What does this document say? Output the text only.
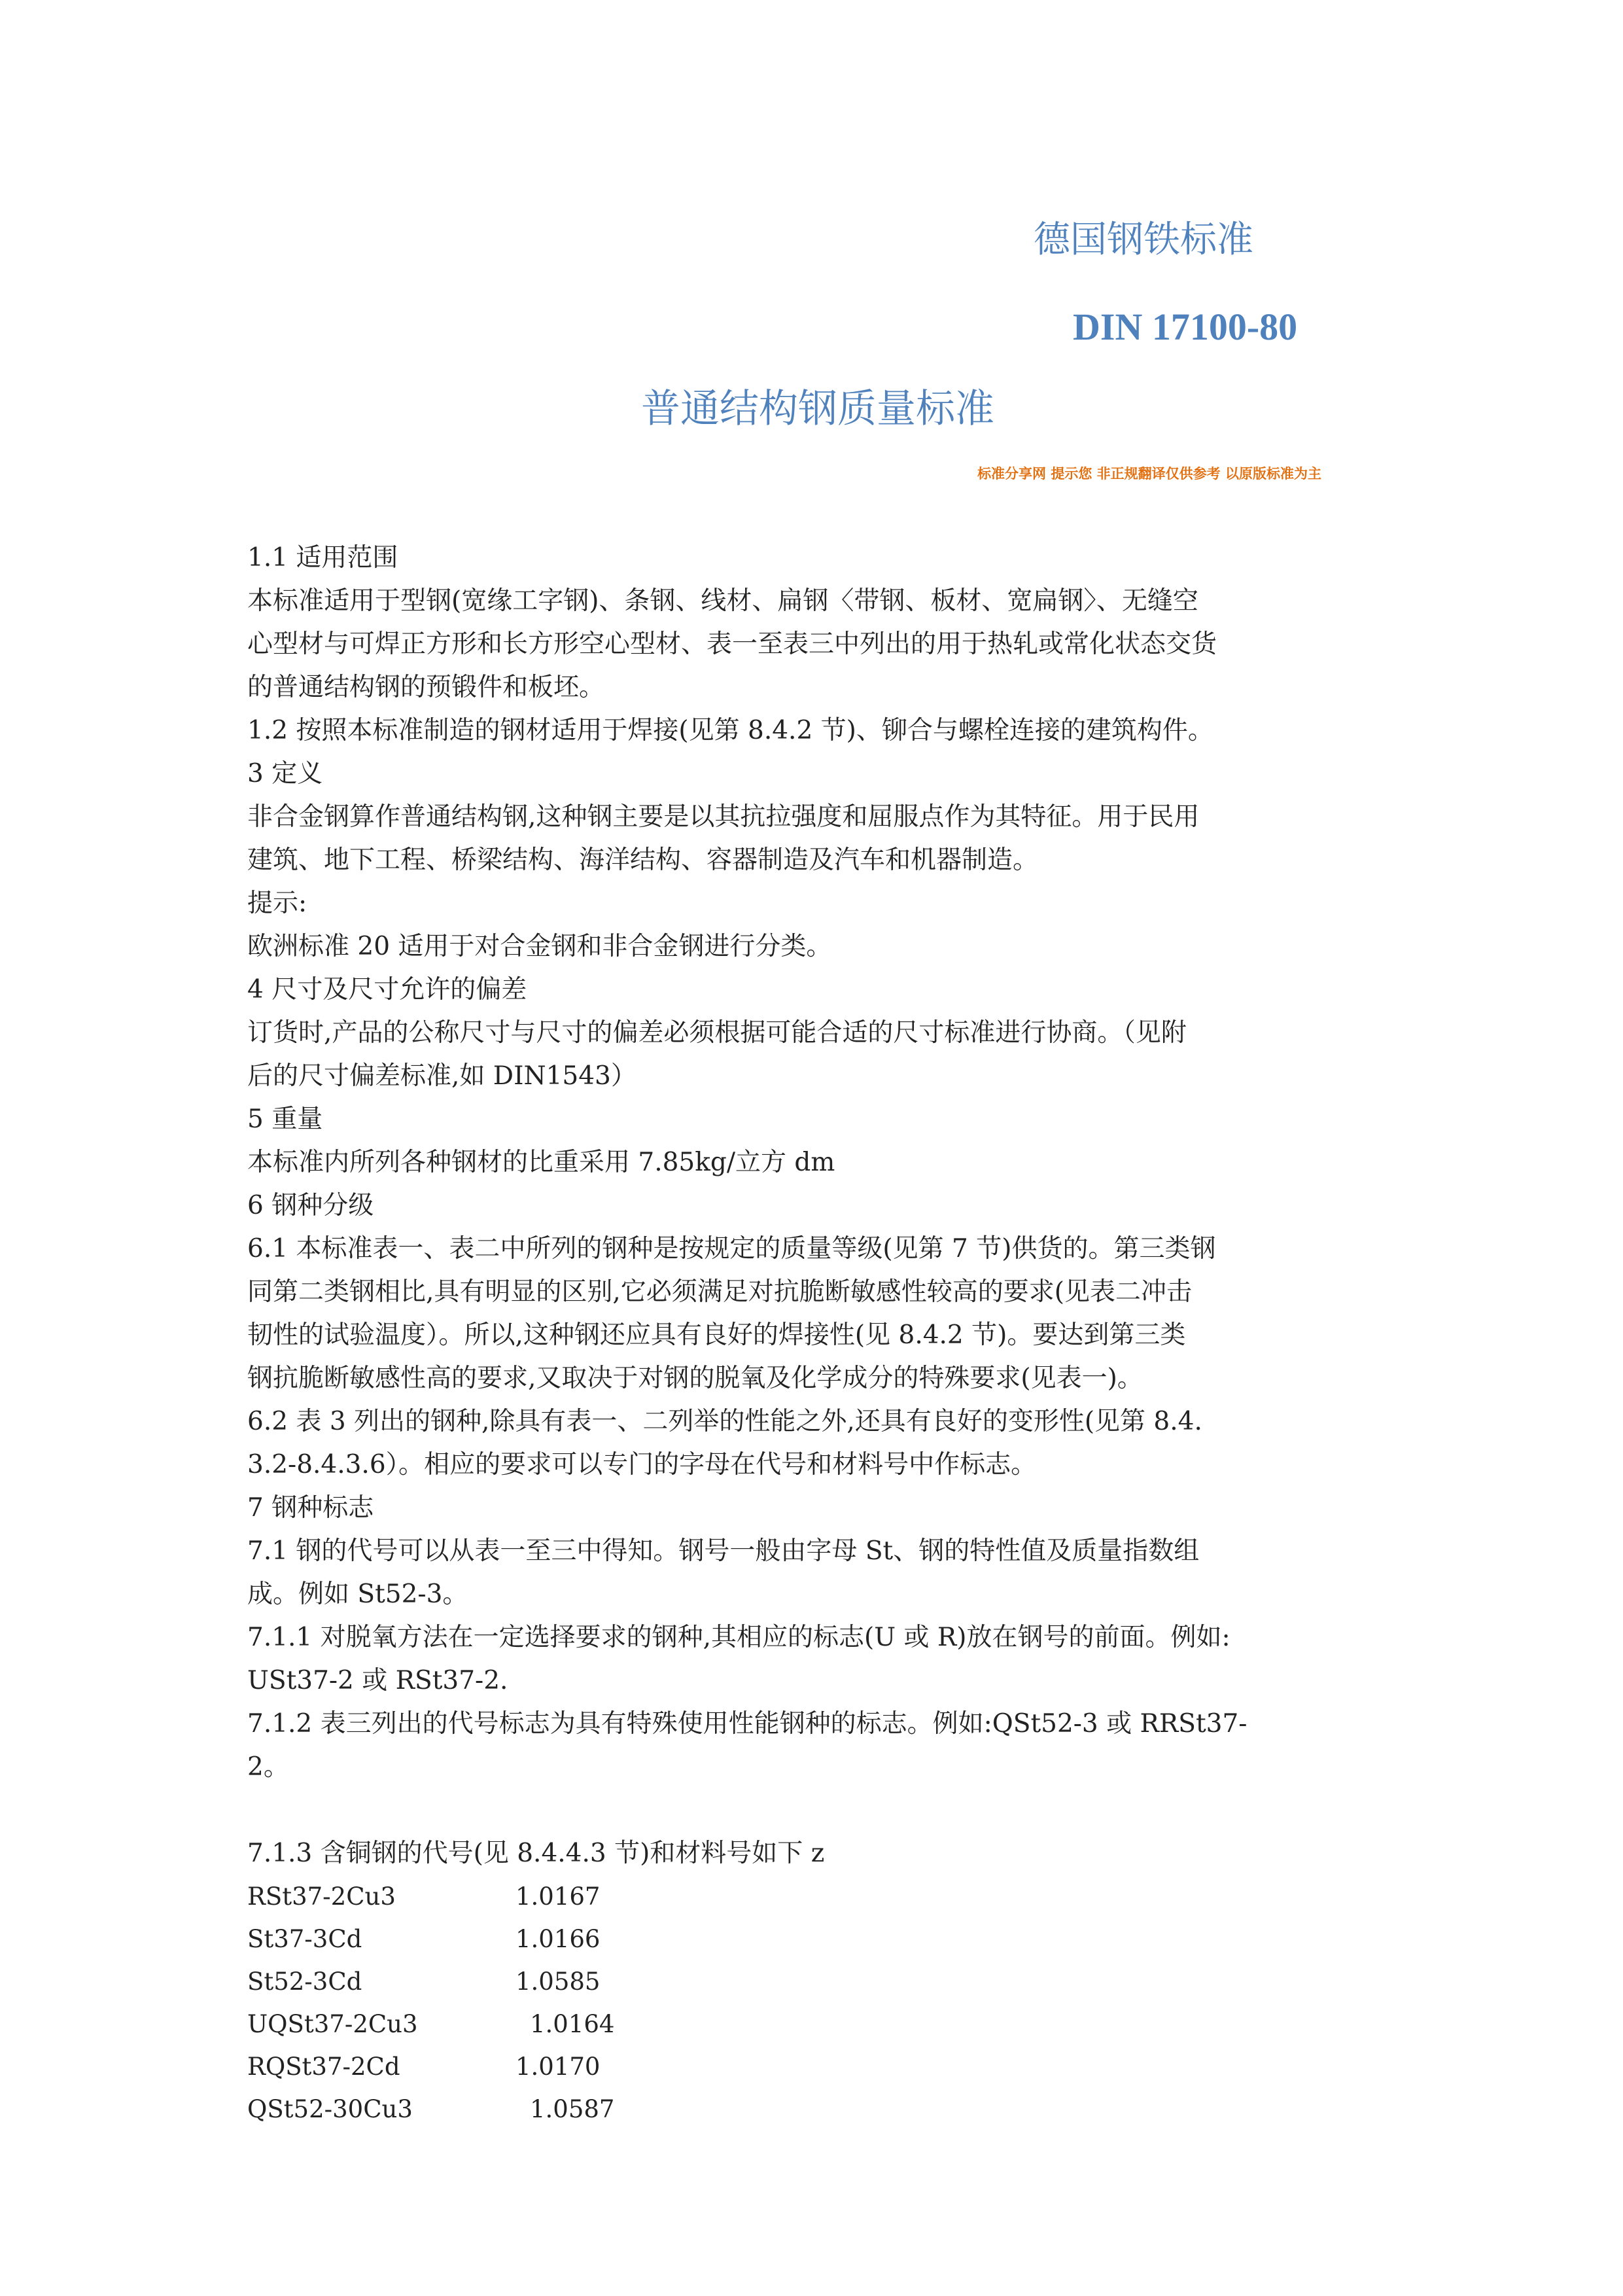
德国钢铁标准
DIN 17100-80
普通结构钢质量标准
标准分享网 提示您 非正规翻译仅供参考 以原版标准为主
1.1 适用范围
本标准适用于型钢(宽缘工字钢)、条钢、线材、扁钢〈带钢、板材、宽扁钢〉、无缝空
心型材与可焊正方形和长方形空心型材、表一至表三中列出的用于热轧或常化状态交货
的普通结构钢的预锻件和板坯。
1.2 按照本标准制造的钢材适用于焊接(见第 8.4.2 节)、铆合与螺栓连接的建筑构件。
3 定义
非合金钢算作普通结构钢,这种钢主要是以其抗拉强度和屈服点作为其特征。用于民用
建筑、地下工程、桥梁结构、海洋结构、容器制造及汽车和机器制造。
提示:
欧洲标准 20 适用于对合金钢和非合金钢进行分类。
4 尺寸及尺寸允许的偏差
订货时,产品的公称尺寸与尺寸的偏差必须根据可能合适的尺寸标准进行协商。（见附
后的尺寸偏差标准,如 DIN1543）
5 重量
本标准内所列各种钢材的比重采用 7.85kg/立方 dm
6 钢种分级
6.1 本标准表一、表二中所列的钢种是按规定的质量等级(见第 7 节)供货的。第三类钢
同第二类钢相比,具有明显的区别,它必须满足对抗脆断敏感性较高的要求(见表二冲击
韧性的试验温度）。所以,这种钢还应具有良好的焊接性(见 8.4.2 节)。要达到第三类
钢抗脆断敏感性高的要求,又取决于对钢的脱氧及化学成分的特殊要求(见表一)。
6.2 表 3 列出的钢种,除具有表一、二列举的性能之外,还具有良好的变形性(见第 8.4.
3.2-8.4.3.6）。相应的要求可以专门的字母在代号和材料号中作标志。
7 钢种标志
7.1 钢的代号可以从表一至三中得知。钢号一般由字母 St、钢的特性值及质量指数组
成。例如 St52-3。
7.1.1 对脱氧方法在一定选择要求的钢种,其相应的标志(U 或 R)放在钢号的前面。例如:
USt37-2 或 RSt37-2.
7.1.2 表三列出的代号标志为具有特殊使用性能钢种的标志。例如:QSt52-3 或 RRSt37-
2。
7.1.3 含铜钢的代号(见 8.4.4.3 节)和材料号如下 z
RSt37-2Cu3	1.0167
St37-3Cd	1.0166
St52-3Cd	1.0585
UQSt37-2Cu3	1.0164
RQSt37-2Cd	1.0170
QSt52-30Cu3	1.0587
